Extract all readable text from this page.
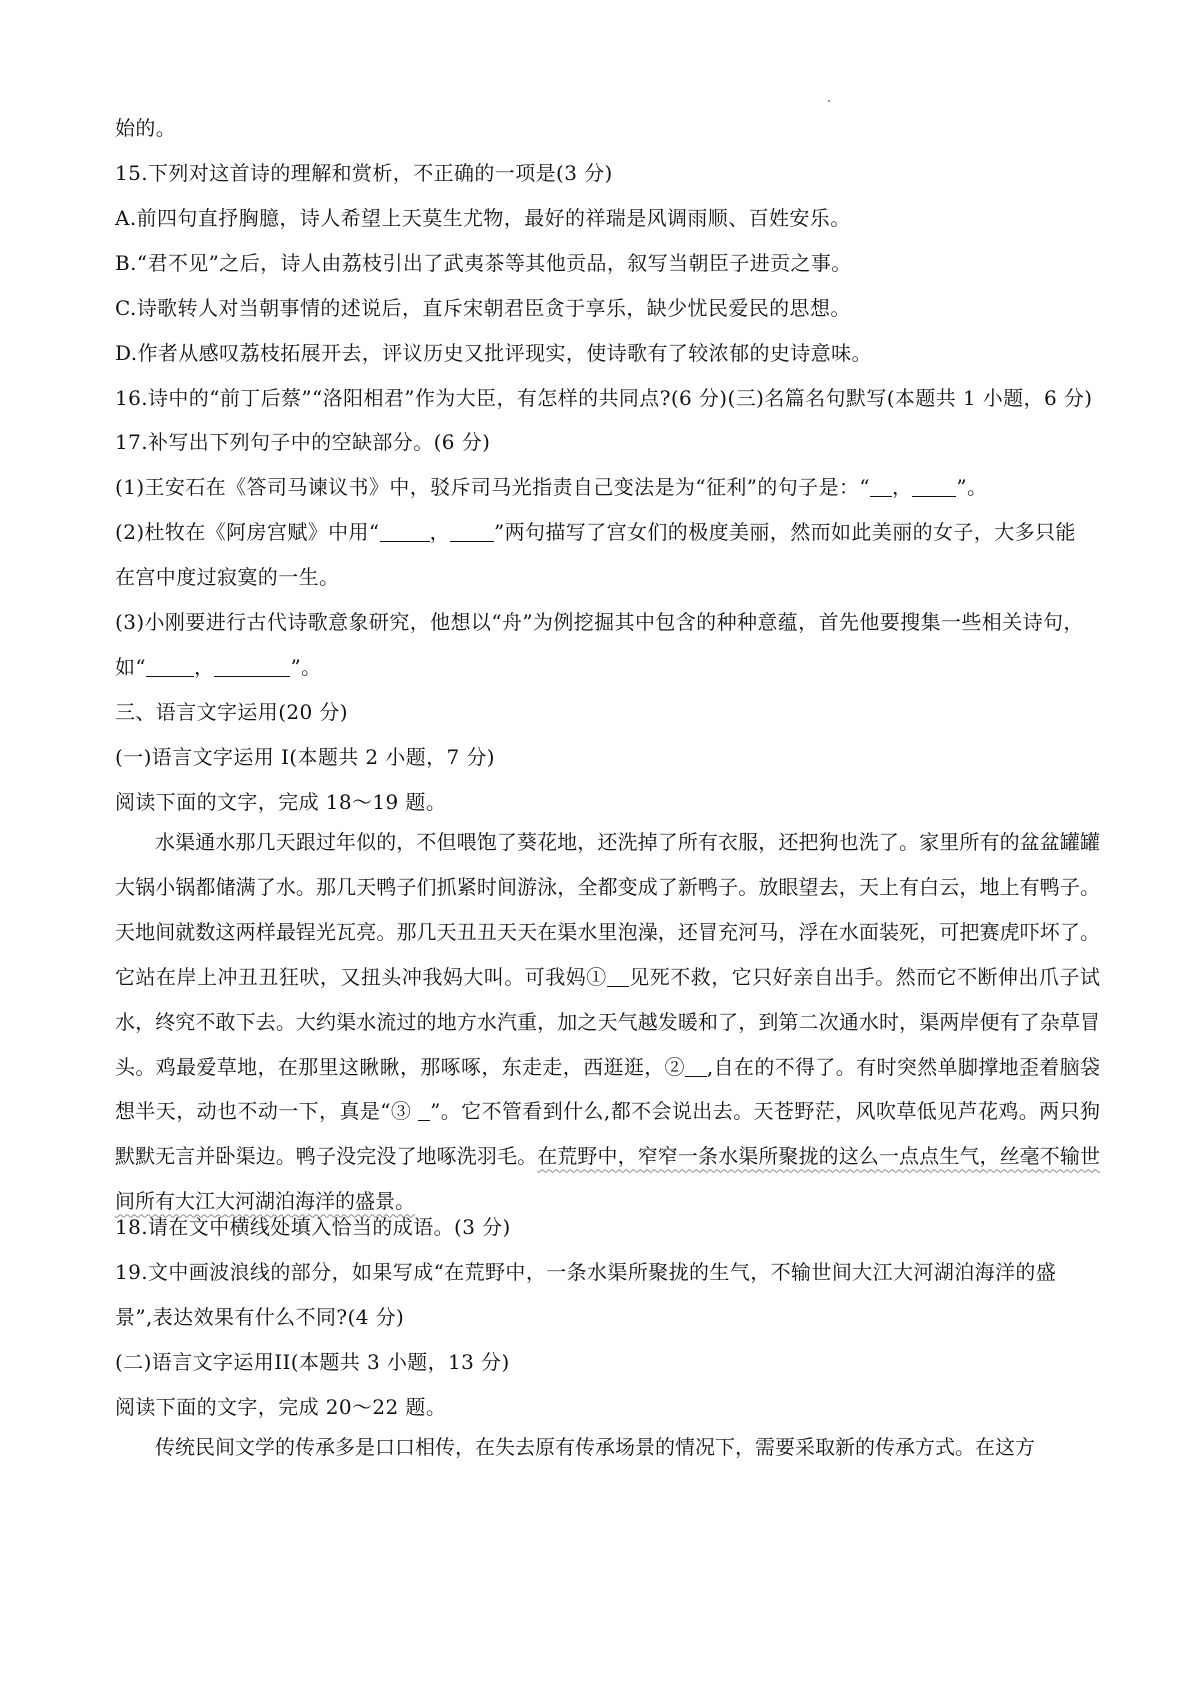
始的。
15.下列对这首诗的理解和赏析，不正确的一项是(3 分)
A.前四句直抒胸臆，诗人希望上天莫生尤物，最好的祥瑞是风调雨顺、百姓安乐。
B.“君不见”之后，诗人由荔枝引出了武夷茶等其他贡品，叙写当朝臣子进贡之事。
C.诗歌转人对当朝事情的述说后，直斥宋朝君臣贪于享乐，缺少忧民爱民的思想。
D.作者从感叹荔枝拓展开去，评议历史又批评现实，使诗歌有了较浓郁的史诗意味。
16.诗中的“前丁后蔡”“洛阳相君”作为大臣，有怎样的共同点?(6 分)(三)名篇名句默写(本题共 1 小题，6 分)
17.补写出下列句子中的空缺部分。(6 分)
(1)王安石在《答司马谏议书》中，驳斥司马光指责自己变法是为“征利”的句子是：“ ， ”。
(2)杜牧在《阿房宫赋》中用“	， ”两句描写了宫女们的极度美丽，然而如此美丽的女子，大多只能
在宫中度过寂寞的一生。
(3)小刚要进行古代诗歌意象研究，他想以“舟”为例挖掘其中包含的种种意蕴，首先他要搜集一些相关诗句，
如“ ，	”。
三、语言文字运用(20 分)
(一)语言文字运用 I(本题共 2 小题，7 分)
阅读下面的文字，完成 18～19 题。
水渠通水那几天跟过年似的，不但喂饱了葵花地，还洗掉了所有衣服，还把狗也洗了。家里所有的盆盆罐罐大锅小锅都储满了水。那几天鸭子们抓紧时间游泳，全都变成了新鸭子。放眼望去，天上有白云，地上有鸭子。天地间就数这两样最锃光瓦亮。那几天丑丑天天在渠水里泡澡，还冒充河马，浮在水面装死，可把赛虎吓坏了。它站在岸上冲丑丑狂吠，又扭头冲我妈大叫。可我妈① 见死不救，它只好亲自出手。然而它不断伸出爪子试水，终究不敢下去。大约渠水流过的地方水汽重，加之天气越发暖和了，到第二次通水时，渠两岸便有了杂草冒头。鸡最爱草地，在那里这瞅瞅，那啄啄，东走走，西逛逛，② ,自在的不得了。有时突然单脚撑地歪着脑袋想半天，动也不动一下，真是“③ ”。它不管看到什么,都不会说出去。天苍野茫，风吹草低见芦花鸡。两只狗默默无言并卧渠边。鸭子没完没了地啄洗羽毛。在荒野中，窄窄一条水渠所聚拢的这么一点点生气，丝毫不输世间所有大江大河湖泊海洋的盛景。
18.请在文中横线处填入恰当的成语。(3 分)
19.文中画波浪线的部分，如果写成“在荒野中，一条水渠所聚拢的生气，不输世间大江大河湖泊海洋的盛
景”,表达效果有什么不同?(4 分)
(二)语言文字运用II(本题共 3 小题，13 分)
阅读下面的文字，完成 20～22 题。
传统民间文学的传承多是口口相传，在失去原有传承场景的情况下，需要采取新的传承方式。在这方
